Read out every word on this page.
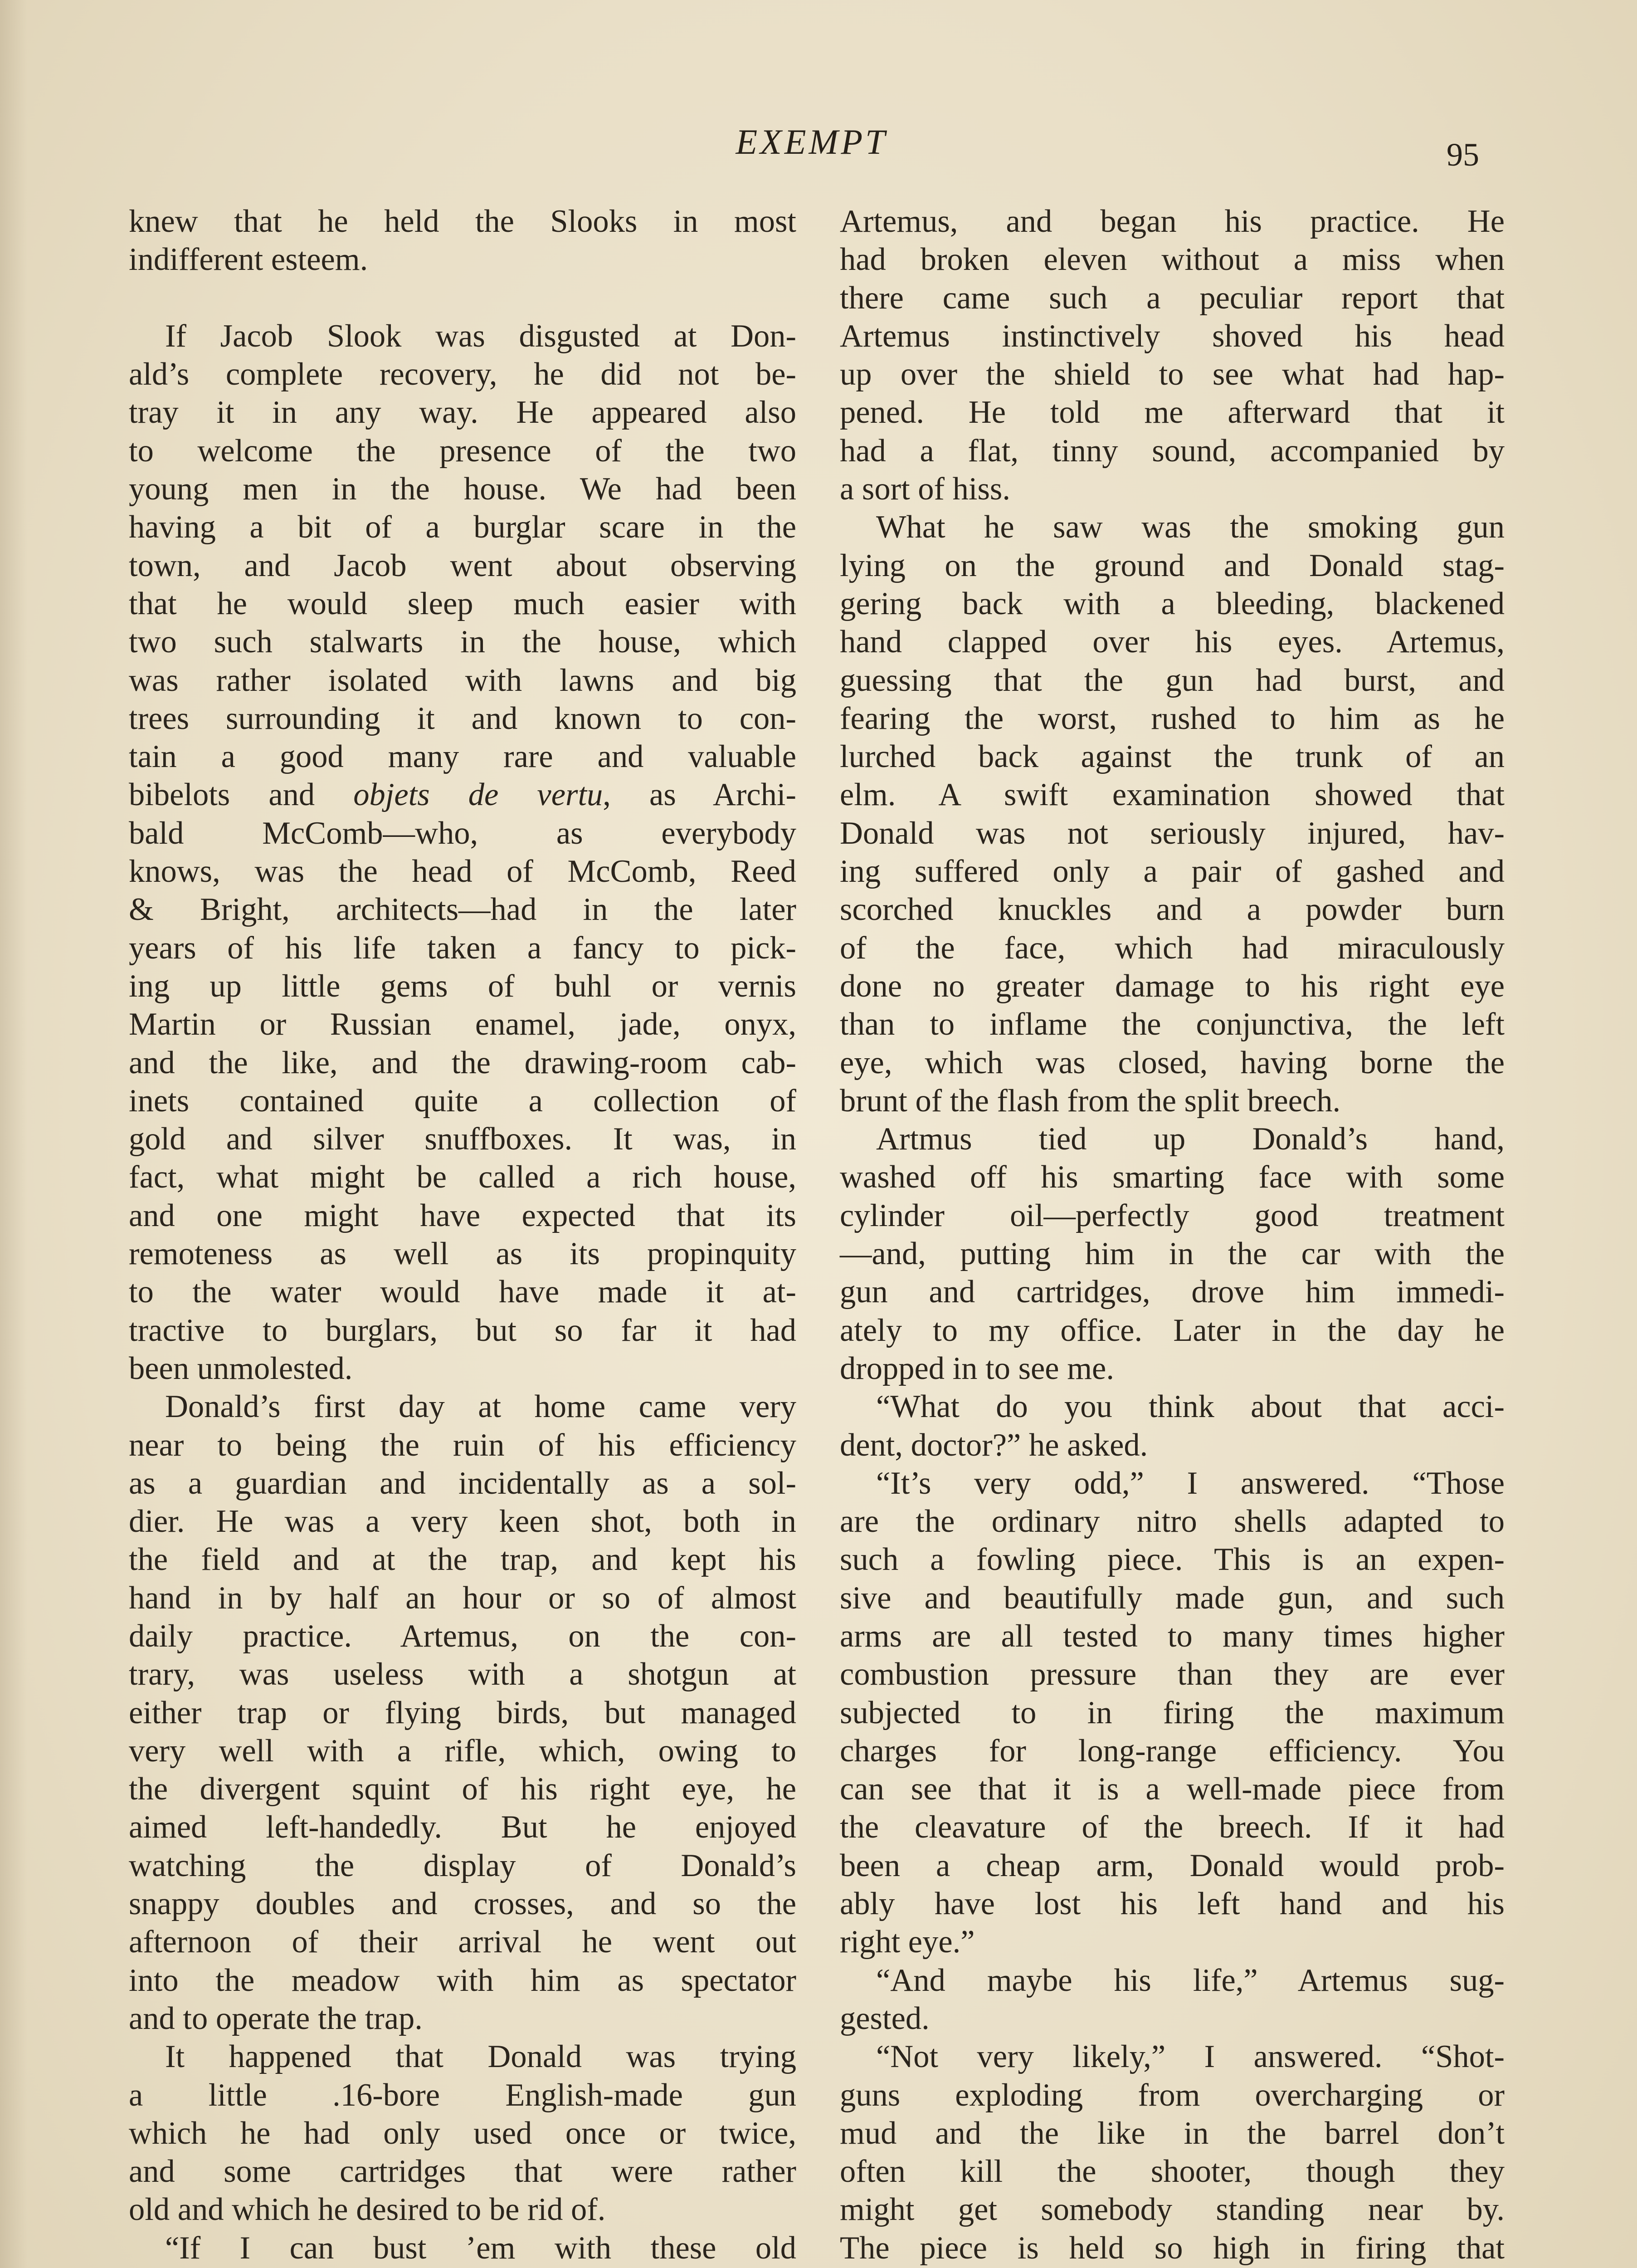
EXEMPT	95
knew that he held the Slooks in most
indifferent esteem.
If Jacob Slook was disgusted at Don-
ald’s complete recovery, he did not be-
tray it in any way. He appeared also
to welcome the presence of the two
young men in the house. We had been
having a bit of a burglar scare in the
town, and Jacob went about observing
that he would sleep much easier with
two such stalwarts in the house, which
was rather isolated with lawns and big
trees surrounding it and known to con-
tain a good many rare and valuable
bibelots and objets de vertu, as Archi-
bald McComb—who, as everybody
knows, was the head of McComb, Reed
& Bright, architects—had in the later
years of his life taken a fancy to pick-
ing up little gems of buhl or vernis
Martin or Russian enamel, jade, onyx,
and the like, and the drawing-room cab-
inets contained quite a collection of
gold and silver snuffboxes. It was, in
fact, what might be called a rich house,
and one might have expected that its
remoteness as well as its propinquity
to the water would have made it at-
tractive to burglars, but so far it had
been unmolested.
Donald’s first day at home came very
near to being the ruin of his efficiency
as a guardian and incidentally as a sol-
dier. He was a very keen shot, both in
the field and at the trap, and kept his
hand in by half an hour or so of almost
daily practice. Artemus, on the con-
trary, was useless with a shotgun at
either trap or flying birds, but managed
very well with a rifle, which, owing to
the divergent squint of his right eye, he
aimed left-handedly. But he enjoyed
watching the display of Donald’s
snappy doubles and crosses, and so the
afternoon of their arrival he went out
into the meadow with him as spectator
and to operate the trap.
It happened that Donald was trying
a little .16-bore English-made gun
which he had only used once or twice,
and some cartridges that were rather
old and which he desired to be rid of.
“If I can bust ’em with these old
Artemus, and began his practice. He
had broken eleven without a miss when
there came such a peculiar report that
Artemus instinctively shoved his head
up over the shield to see what had hap-
pened. He told me afterward that it
had a flat, tinny sound, accompanied by
a sort of hiss.
What he saw was the smoking gun
lying on the ground and Donald stag-
gering back with a bleeding, blackened
hand clapped over his eyes. Artemus,
guessing that the gun had burst, and
fearing the worst, rushed to him as he
lurched back against the trunk of an
elm. A swift examination showed that
Donald was not seriously injured, hav-
ing suffered only a pair of gashed and
scorched knuckles and a powder burn
of the face, which had miraculously
done no greater damage to his right eye
than to inflame the conjunctiva, the left
eye, which was closed, having borne the
brunt of the flash from the split breech.
Artmus tied up Donald’s hand,
washed off his smarting face with some
cylinder oil—perfectly good treatment
—and, putting him in the car with the
gun and cartridges, drove him immedi-
ately to my office. Later in the day he
dropped in to see me.
“What do you think about that acci-
dent, doctor?” he asked.
“It’s very odd,” I answered. “Those
are the ordinary nitro shells adapted to
such a fowling piece. This is an expen-
sive and beautifully made gun, and such
arms are all tested to many times higher
combustion pressure than they are ever
subjected to in firing the maximum
charges for long-range efficiency. You
can see that it is a well-made piece from
the cleavature of the breech. If it had
been a cheap arm, Donald would prob-
ably have lost his left hand and his
right eye.”
“And maybe his life,” Artemus sug-
gested.
“Not very likely,” I answered. “Shot-
guns exploding from overcharging or
mud and the like in the barrel don’t
often kill the shooter, though they
might get somebody standing near by.
The piece is held so high in firing that
